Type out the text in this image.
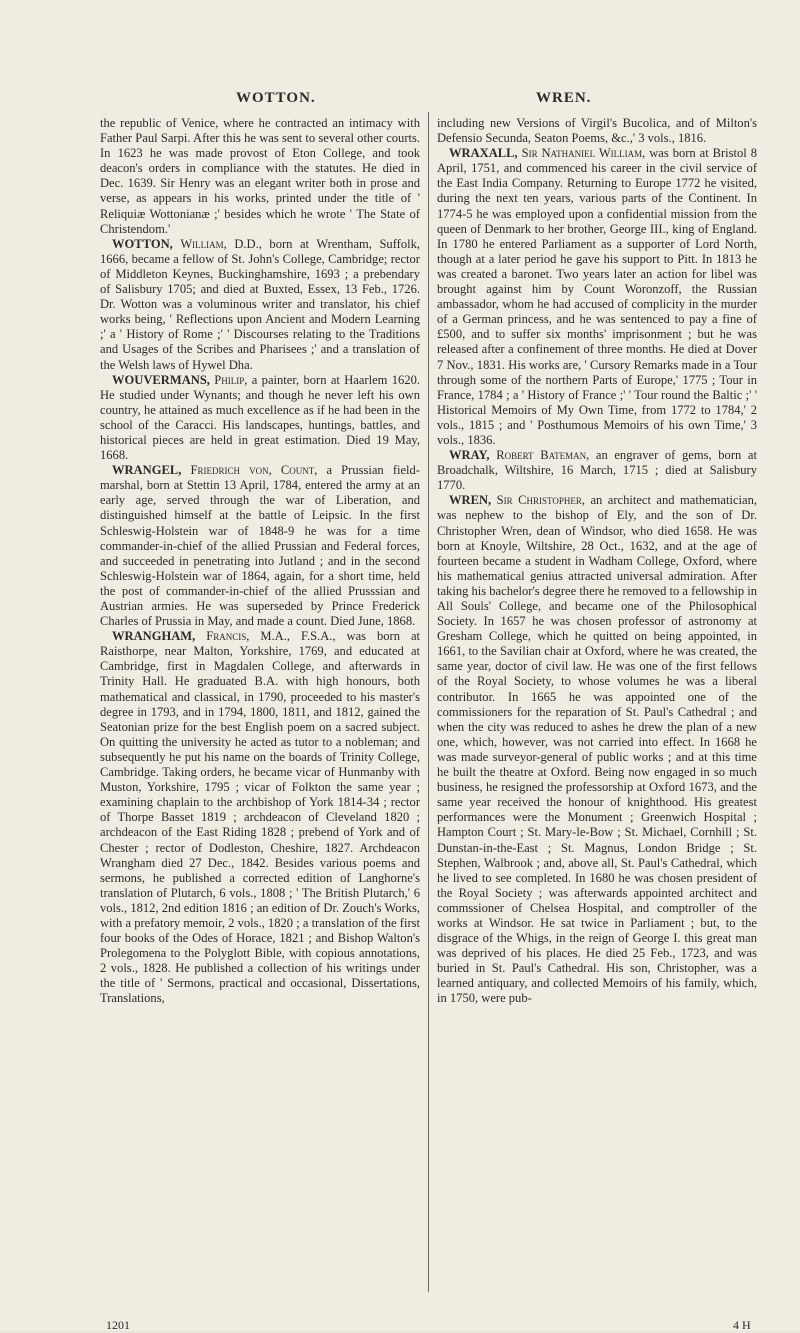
WOTTON.	WREN.

the republic of Venice, where he contracted an intimacy with Father Paul Sarpi. After this he was sent to several other courts. In 1623 he was made provost of Eton College, and took deacon's orders in compliance with the statutes. He died in Dec. 1639. Sir Henry was an elegant writer both in prose and verse, as appears in his works, printed under the title of ' Reliquiæ Wottonianæ ;' besides which he wrote ' The State of Christendom.'

WOTTON, William, D.D., born at Wrentham, Suffolk, 1666, became a fellow of St. John's College, Cambridge; rector of Middleton Keynes, Buckinghamshire, 1693 ; a prebendary of Salisbury 1705; and died at Buxted, Essex, 13 Feb., 1726. Dr. Wotton was a voluminous writer and translator, his chief works being, ' Reflections upon Ancient and Modern Learning ;' a ' History of Rome ;' ' Discourses relating to the Traditions and Usages of the Scribes and Pharisees ;' and a translation of the Welsh laws of Hywel Dha.

WOUVERMANS, Philip, a painter, born at Haarlem 1620. He studied under Wynants; and though he never left his own country, he attained as much excellence as if he had been in the school of the Caracci. His landscapes, huntings, battles, and historical pieces are held in great estimation. Died 19 May, 1668.

WRANGEL, Friedrich von, Count, a Prussian field-marshal, born at Stettin 13 April, 1784, entered the army at an early age, served through the war of Liberation, and distinguished himself at the battle of Leipsic. In the first Schleswig-Holstein war of 1848-9 he was for a time commander-in-chief of the allied Prussian and Federal forces, and succeeded in penetrating into Jutland ; and in the second Schleswig-Holstein war of 1864, again, for a short time, held the post of commander-in-chief of the allied Prusssian and Austrian armies. He was superseded by Prince Frederick Charles of Prussia in May, and made a count. Died June, 1868.

WRANGHAM, Francis, M.A., F.S.A., was born at Raisthorpe, near Malton, Yorkshire, 1769, and educated at Cambridge, first in Magdalen College, and afterwards in Trinity Hall. He graduated B.A. with high honours, both mathematical and classical, in 1790, proceeded to his master's degree in 1793, and in 1794, 1800, 1811, and 1812, gained the Seatonian prize for the best English poem on a sacred subject. On quitting the university he acted as tutor to a nobleman; and subsequently he put his name on the boards of Trinity College, Cambridge. Taking orders, he became vicar of Hunmanby with Muston, Yorkshire, 1795 ; vicar of Folkton the same year ; examining chaplain to the archbishop of York 1814-34 ; rector of Thorpe Basset 1819 ; archdeacon of Cleveland 1820 ; archdeacon of the East Riding 1828 ; prebend of York and of Chester ; rector of Dodleston, Cheshire, 1827. Archdeacon Wrangham died 27 Dec., 1842. Besides various poems and sermons, he published a corrected edition of Langhorne's translation of Plutarch, 6 vols., 1808 ; ' The British Plutarch,' 6 vols., 1812, 2nd edition 1816 ; an edition of Dr. Zouch's Works, with a prefatory memoir, 2 vols., 1820 ; a translation of the first four books of the Odes of Horace, 1821 ; and Bishop Walton's Prolegomena to the Polyglott Bible, with copious annotations, 2 vols., 1828. He published a collection of his writings under the title of ' Sermons, practical and occasional, Dissertations, Translations,

including new Versions of Virgil's Bucolica, and of Milton's Defensio Secunda, Seaton Poems, &c.,' 3 vols., 1816.

WRAXALL, Sir Nathaniel William, was born at Bristol 8 April, 1751, and commenced his career in the civil service of the East India Company. Returning to Europe 1772 he visited, during the next ten years, various parts of the Continent. In 1774-5 he was employed upon a confidential mission from the queen of Denmark to her brother, George III., king of England. In 1780 he entered Parliament as a supporter of Lord North, though at a later period he gave his support to Pitt. In 1813 he was created a baronet. Two years later an action for libel was brought against him by Count Woronzoff, the Russian ambassador, whom he had accused of complicity in the murder of a German princess, and he was sentenced to pay a fine of £500, and to suffer six months' imprisonment ; but he was released after a confinement of three months. He died at Dover 7 Nov., 1831. His works are, ' Cursory Remarks made in a Tour through some of the northern Parts of Europe,' 1775 ; Tour in France, 1784 ; a ' History of France ;' ' Tour round the Baltic ;' ' Historical Memoirs of My Own Time, from 1772 to 1784,' 2 vols., 1815 ; and ' Posthumous Memoirs of his own Time,' 3 vols., 1836.

WRAY, Robert Bateman, an engraver of gems, born at Broadchalk, Wiltshire, 16 March, 1715 ; died at Salisbury 1770.

WREN, Sir Christopher, an architect and mathematician, was nephew to the bishop of Ely, and the son of Dr. Christopher Wren, dean of Windsor, who died 1658. He was born at Knoyle, Wiltshire, 28 Oct., 1632, and at the age of fourteen became a student in Wadham College, Oxford, where his mathematical genius attracted universal admiration. After taking his bachelor's degree there he removed to a fellowship in All Souls' College, and became one of the Philosophical Society. In 1657 he was chosen professor of astronomy at Gresham College, which he quitted on being appointed, in 1661, to the Savilian chair at Oxford, where he was created, the same year, doctor of civil law. He was one of the first fellows of the Royal Society, to whose volumes he was a liberal contributor. In 1665 he was appointed one of the commissioners for the reparation of St. Paul's Cathedral ; and when the city was reduced to ashes he drew the plan of a new one, which, however, was not carried into effect. In 1668 he was made surveyor-general of public works ; and at this time he built the theatre at Oxford. Being now engaged in so much business, he resigned the professorship at Oxford 1673, and the same year received the honour of knighthood. His greatest performances were the Monument ; Greenwich Hospital ; Hampton Court ; St. Mary-le-Bow ; St. Michael, Cornhill ; St. Dunstan-in-the-East ; St. Magnus, London Bridge ; St. Stephen, Walbrook ; and, above all, St. Paul's Cathedral, which he lived to see completed. In 1680 he was chosen president of the Royal Society ; was afterwards appointed architect and commssioner of Chelsea Hospital, and comptroller of the works at Windsor. He sat twice in Parliament ; but, to the disgrace of the Whigs, in the reign of George I. this great man was deprived of his places. He died 25 Feb., 1723, and was buried in St. Paul's Cathedral. His son, Christopher, was a learned antiquary, and collected Memoirs of his family, which, in 1750, were pub-

1201	4 H
